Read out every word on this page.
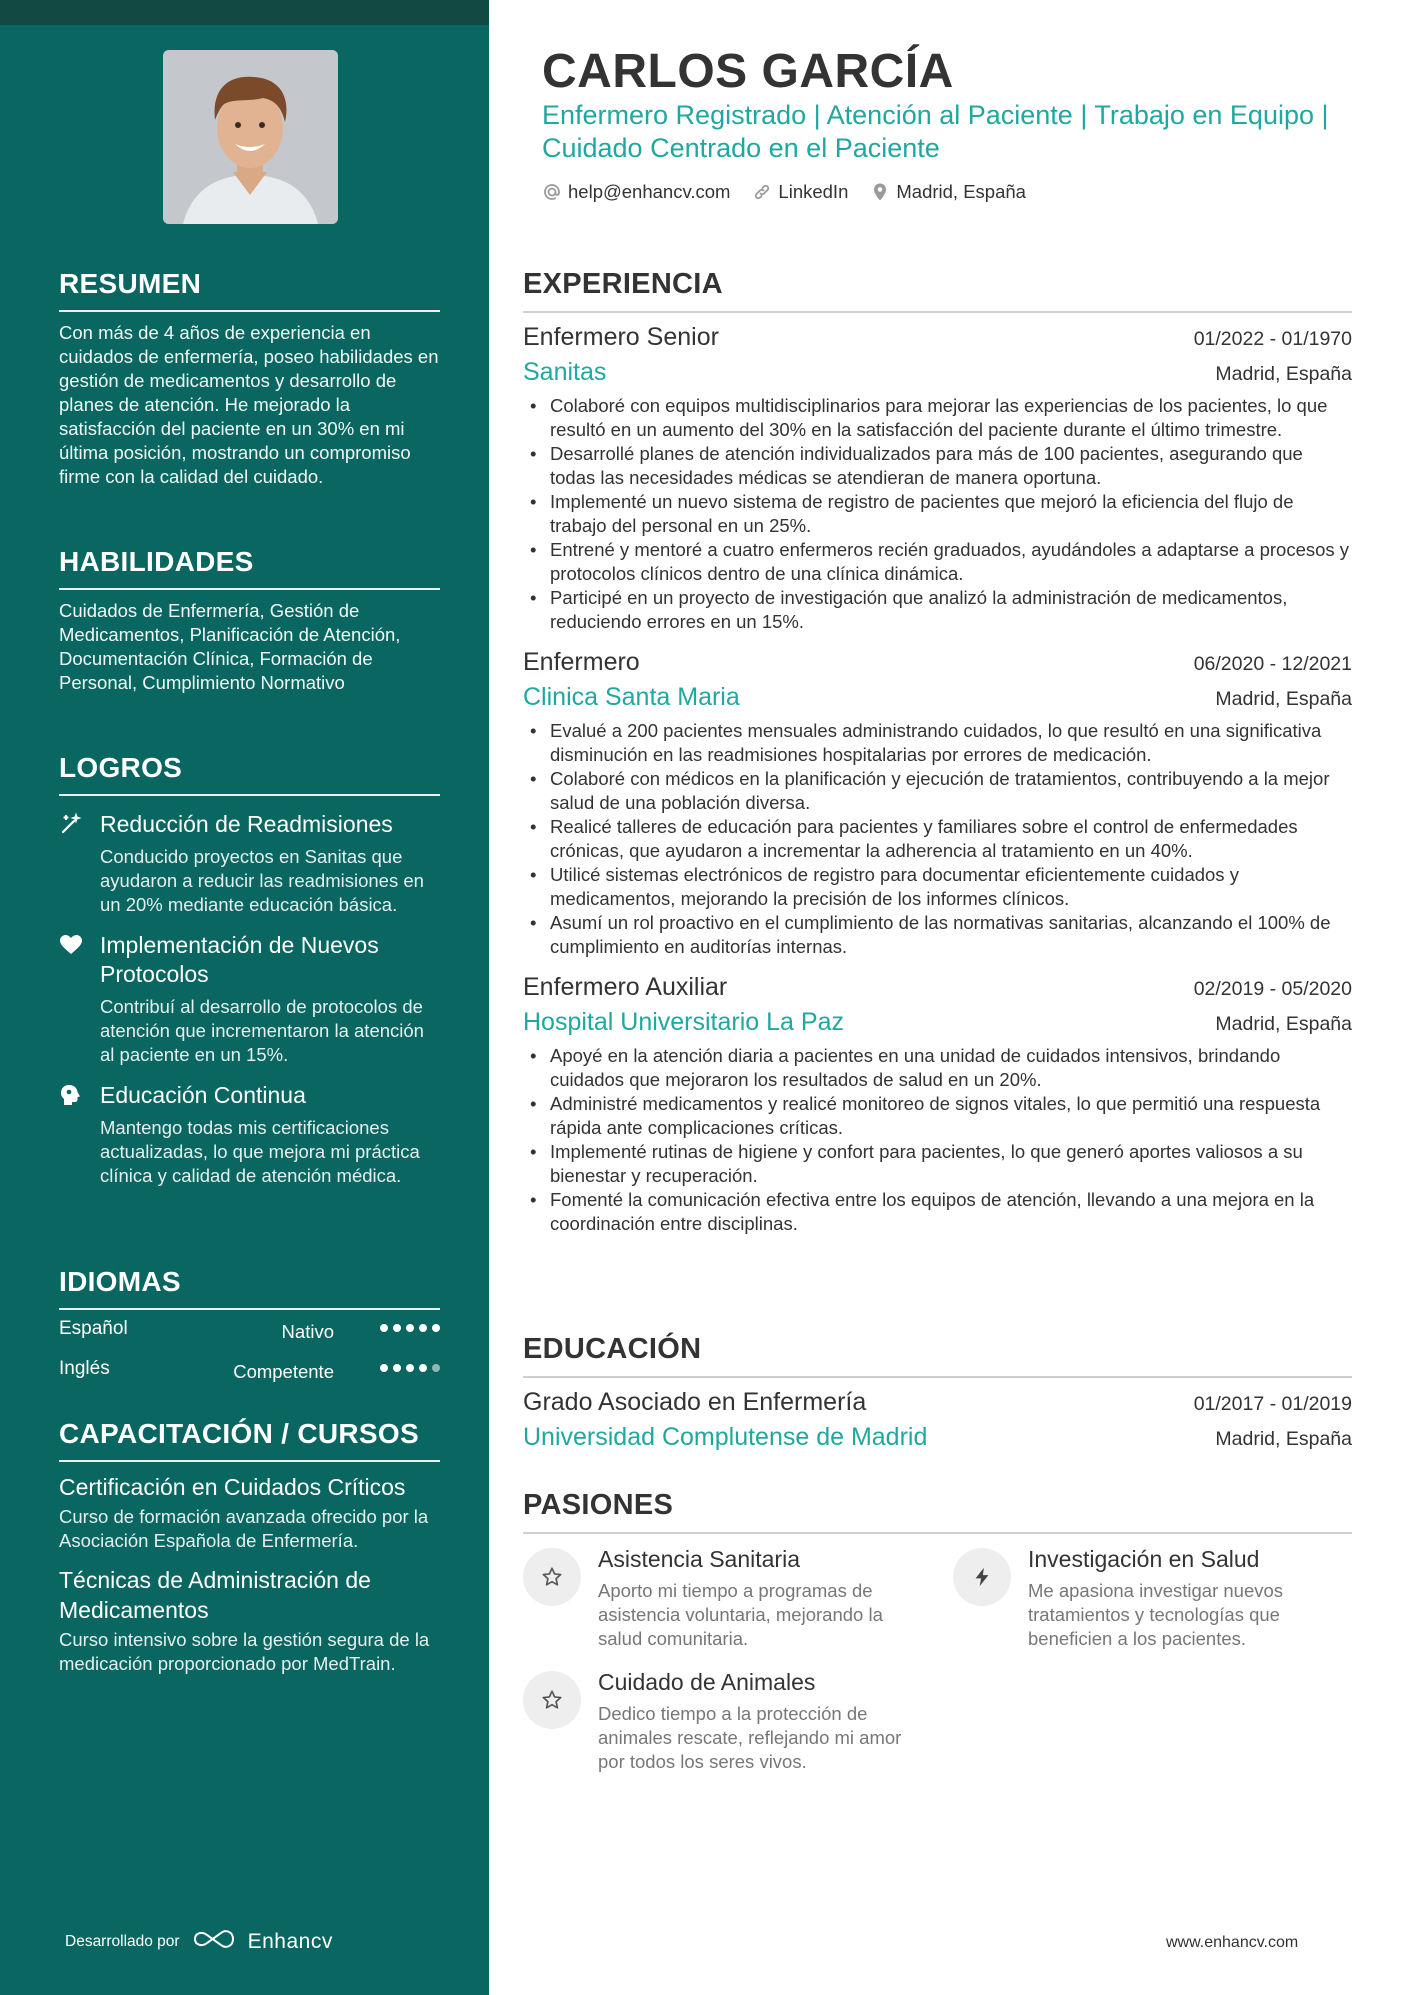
RESUMEN

Con más de 4 años de experiencia en cuidados de enfermería, poseo habilidades en gestión de medicamentos y desarrollo de planes de atención. He mejorado la satisfacción del paciente en un 30% en mi última posición, mostrando un compromiso firme con la calidad del cuidado.

HABILIDADES

Cuidados de Enfermería, Gestión de Medicamentos, Planificación de Atención, Documentación Clínica, Formación de Personal, Cumplimiento Normativo

LOGROS
Reducción de Readmisiones
Conducido proyectos en Sanitas que ayudaron a reducir las readmisiones en un 20% mediante educación básica.
Implementación de Nuevos Protocolos
Contribuí al desarrollo de protocolos de atención que incrementaron la atención al paciente en un 15%.
Educación Continua
Mantengo todas mis certificaciones actualizadas, lo que mejora mi práctica clínica y calidad de atención médica.
IDIOMAS
Español	Nativo
Inglés	Competente
CAPACITACIÓN / CURSOS
Certificación en Cuidados Críticos
Curso de formación avanzada ofrecido por la Asociación Española de Enfermería.
Técnicas de Administración de Medicamentos
Curso intensivo sobre la gestión segura de la medicación proporcionado por MedTrain.
Desarrollado por	Enhancv
CARLOS GARCÍA
Enfermero Registrado | Atención al Paciente | Trabajo en Equipo | Cuidado Centrado en el Paciente
help@enhancv.com	LinkedIn	Madrid, España
EXPERIENCIA
Enfermero Senior	01/2022 - 01/1970
Sanitas	Madrid, España
• Colaboré con equipos multidisciplinarios para mejorar las experiencias de los pacientes, lo que resultó en un aumento del 30% en la satisfacción del paciente durante el último trimestre.
• Desarrollé planes de atención individualizados para más de 100 pacientes, asegurando que todas las necesidades médicas se atendieran de manera oportuna.
• Implementé un nuevo sistema de registro de pacientes que mejoró la eficiencia del flujo de trabajo del personal en un 25%.
• Entrené y mentoré a cuatro enfermeros recién graduados, ayudándoles a adaptarse a procesos y protocolos clínicos dentro de una clínica dinámica.
• Participé en un proyecto de investigación que analizó la administración de medicamentos, reduciendo errores en un 15%.
Enfermero	06/2020 - 12/2021
Clinica Santa Maria	Madrid, España
• Evalué a 200 pacientes mensuales administrando cuidados, lo que resultó en una significativa disminución en las readmisiones hospitalarias por errores de medicación.
• Colaboré con médicos en la planificación y ejecución de tratamientos, contribuyendo a la mejor salud de una población diversa.
• Realicé talleres de educación para pacientes y familiares sobre el control de enfermedades crónicas, que ayudaron a incrementar la adherencia al tratamiento en un 40%.
• Utilicé sistemas electrónicos de registro para documentar eficientemente cuidados y medicamentos, mejorando la precisión de los informes clínicos.
• Asumí un rol proactivo en el cumplimiento de las normativas sanitarias, alcanzando el 100% de cumplimiento en auditorías internas.
Enfermero Auxiliar	02/2019 - 05/2020
Hospital Universitario La Paz	Madrid, España
• Apoyé en la atención diaria a pacientes en una unidad de cuidados intensivos, brindando cuidados que mejoraron los resultados de salud en un 20%.
• Administré medicamentos y realicé monitoreo de signos vitales, lo que permitió una respuesta rápida ante complicaciones críticas.
• Implementé rutinas de higiene y confort para pacientes, lo que generó aportes valiosos a su bienestar y recuperación.
• Fomenté la comunicación efectiva entre los equipos de atención, llevando a una mejora en la coordinación entre disciplinas.
EDUCACIÓN
Grado Asociado en Enfermería	01/2017 - 01/2019
Universidad Complutense de Madrid	Madrid, España
PASIONES
Asistencia Sanitaria
Aporto mi tiempo a programas de asistencia voluntaria, mejorando la salud comunitaria.
Investigación en Salud
Me apasiona investigar nuevos tratamientos y tecnologías que beneficien a los pacientes.
Cuidado de Animales
Dedico tiempo a la protección de animales rescate, reflejando mi amor por todos los seres vivos.
www.enhancv.com
